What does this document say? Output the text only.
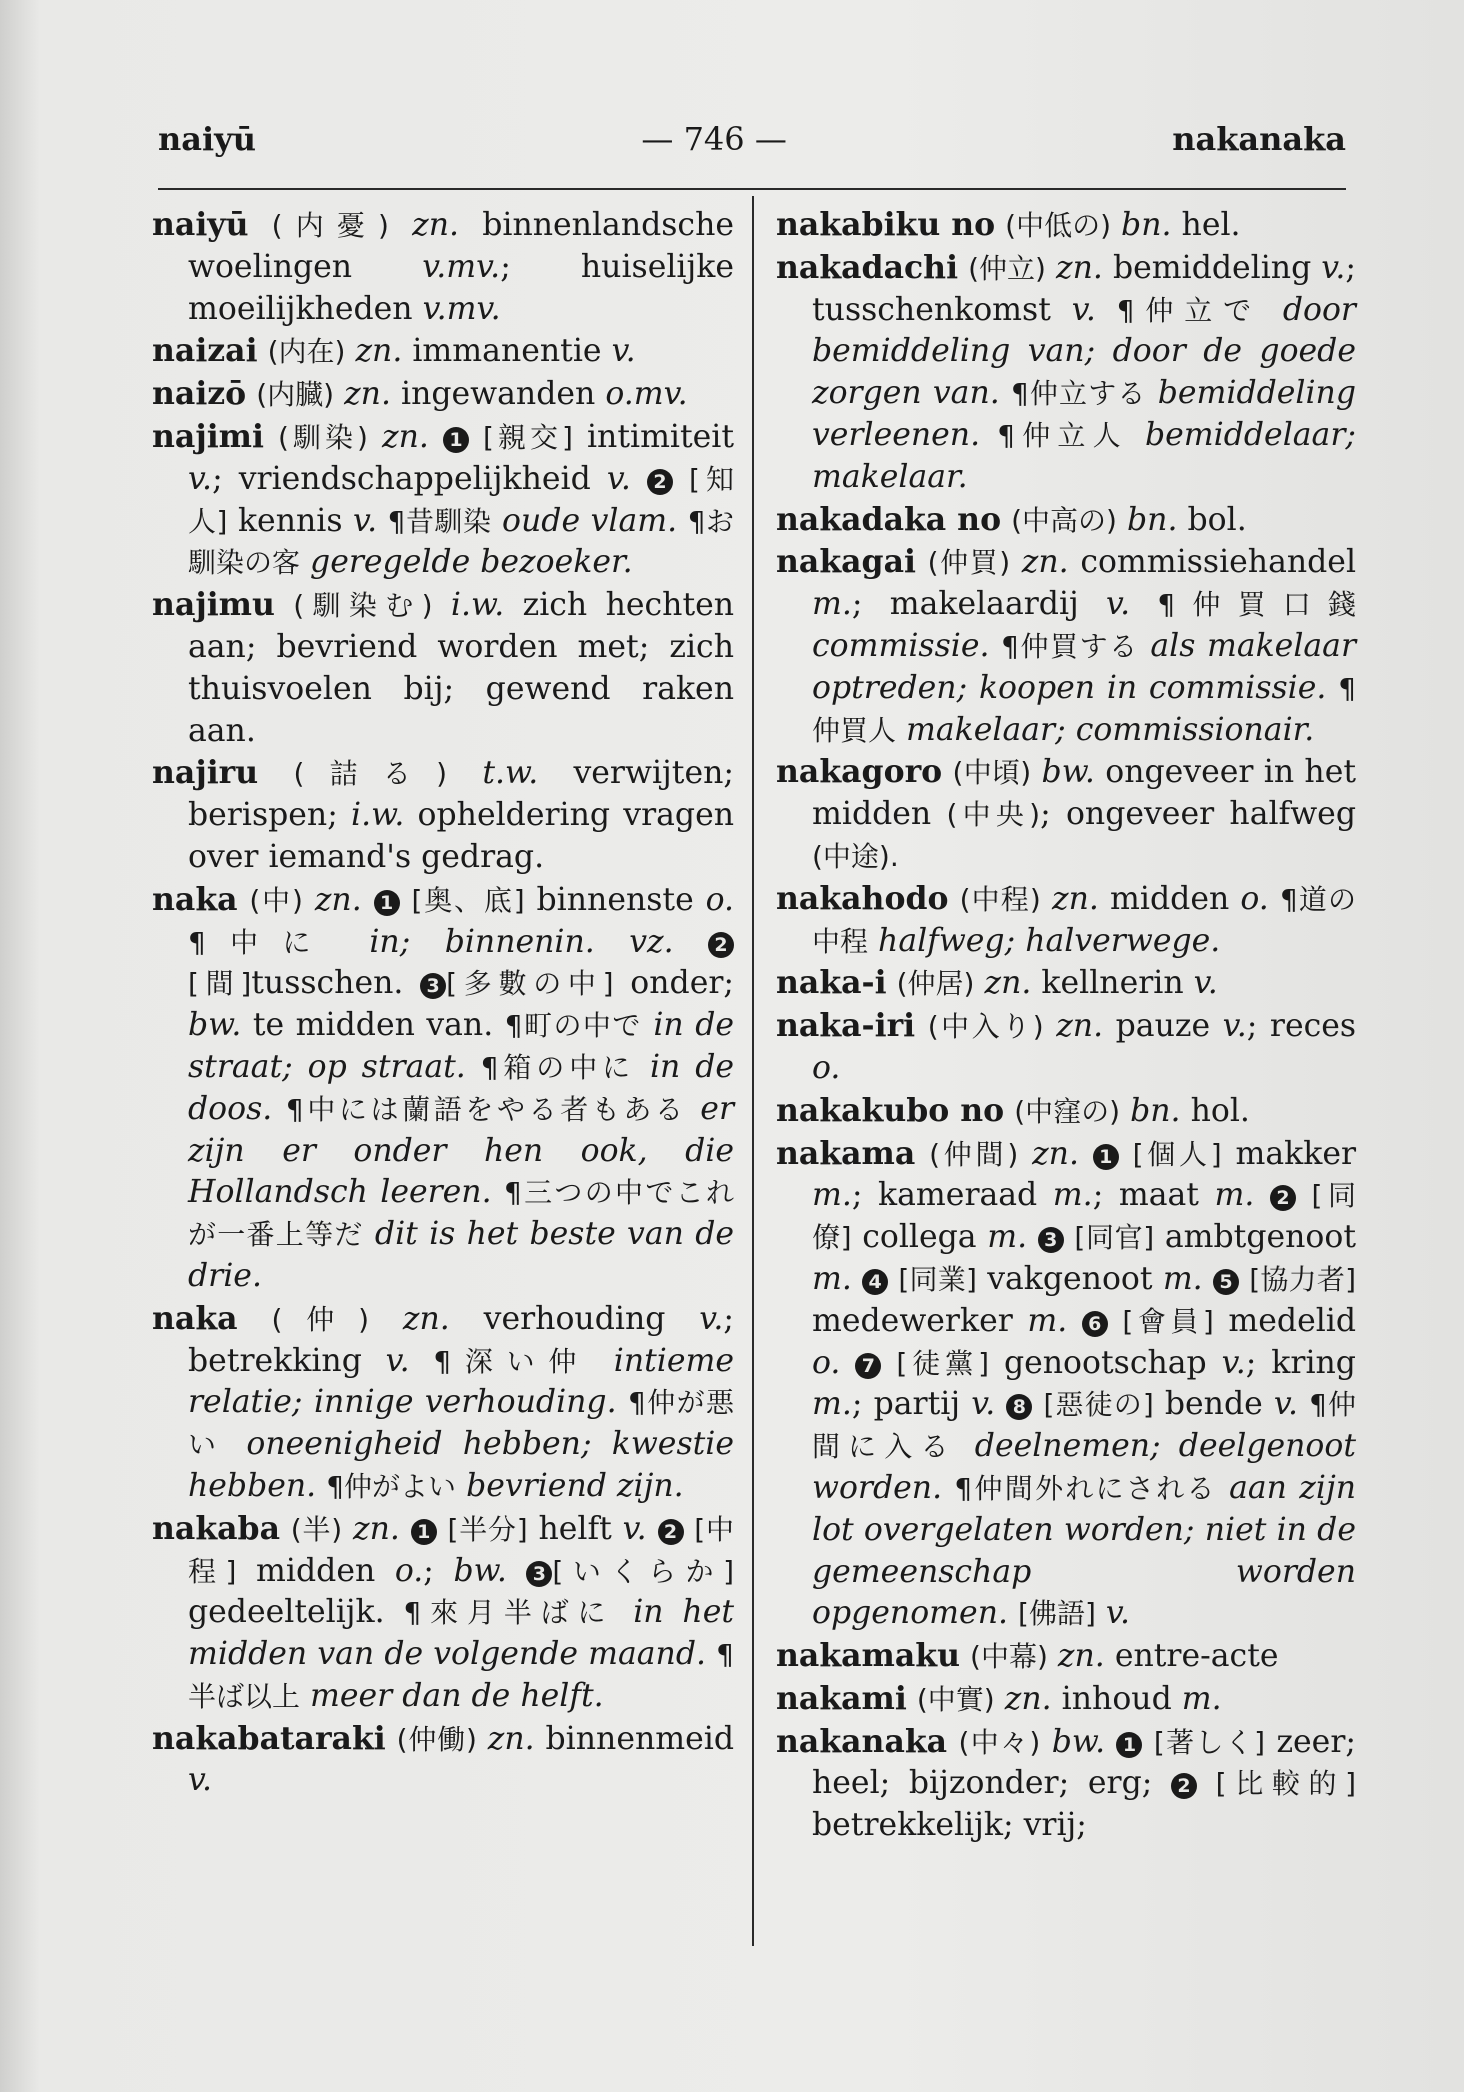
naiyū	— 746 —	nakanaka
naiyū (内憂) zn. binnenlandsche woelingen v.mv.; huiselijke moeilijkheden v.mv.
naizai (内在) zn. immanentie v.
naizō (内臓) zn. ingewanden o.mv.
najimi (馴染) zn. 1 [親交] intimiteit v.; vriendschappelijkheid v. 2 [知人] kennis v. ¶昔馴染 oude vlam. ¶お馴染の客 geregelde bezoeker.
najimu (馴染む) i.w. zich hechten aan; bevriend worden met; zich thuisvoelen bij; gewend raken aan.
najiru (詰る) t.w. verwijten; berispen; i.w. opheldering vragen over iemand's gedrag.
naka (中) zn. 1 [奥、底] binnenste o. ¶中に in; binnenin. vz. 2[間]tusschen. 3 [多數の中] onder; bw. te midden van. ¶町の中で in de straat; op straat. ¶箱の中に in de doos. ¶中には蘭語をやる者もある er zijn er onder hen ook, die Hollandsch leeren. ¶三つの中でこれが一番上等だ dit is het beste van de drie.
naka (仲) zn. verhouding v.; betrekking v. ¶深い仲 intieme relatie; innige verhouding. ¶仲が悪い oneenigheid hebben; kwestie hebben. ¶仲がよい bevriend zijn.
nakaba (半) zn. 1 [半分] helft v. 2 [中程] midden o.; bw. 3 [いくらか] gedeeltelijk. ¶來月半ばに in het midden van de volgende maand. ¶半ば以上 meer dan de helft.
nakabataraki (仲働) zn. binnenmeid v.
nakabiku no (中低の) bn. hel.
nakadachi (仲立) zn. bemiddeling v.; tusschenkomst v. ¶仲立で door bemiddeling van; door de goede zorgen van. ¶仲立する bemiddeling verleenen. ¶仲立人 bemiddelaar; makelaar.
nakadaka no (中高の) bn. bol.
nakagai (仲買) zn. commissiehandel m.; makelaardij v. ¶仲買口錢 commissie. ¶仲買する als makelaar optreden; koopen in commissie. ¶仲買人 makelaar; commissionair.
nakagoro (中頃) bw. ongeveer in het midden (中央); ongeveer halfweg (中途).
nakahodo (中程) zn. midden o. ¶道の中程 halfweg; halverwege.
naka-i (仲居) zn. kellnerin v.
naka-iri (中入り) zn. pauze v.; reces o.
nakakubo no (中窪の) bn. hol.
nakama (仲間) zn. 1 [個人] makker m.; kameraad m.; maat m. 2 [同僚] collega m. 3 [同官] ambtgenoot m. 4 [同業] vakgenoot m. 5 [協力者] medewerker m. 6 [會員] medelid o. 7 [徒黨] genootschap v.; kring m.; partij v. 8 [惡徒の] bende v. ¶仲間に入る deelnemen; deelgenoot worden. ¶仲間外れにされる aan zijn lot overgelaten worden; niet in de gemeenschap worden opgenomen. [佛語] v.
nakamaku (中幕) zn. entre-acte
nakami (中實) zn. inhoud m.
nakanaka (中々) bw. 1 [著しく] zeer; heel; bijzonder; erg; 2 [比較的] betrekkelijk; vrij;
